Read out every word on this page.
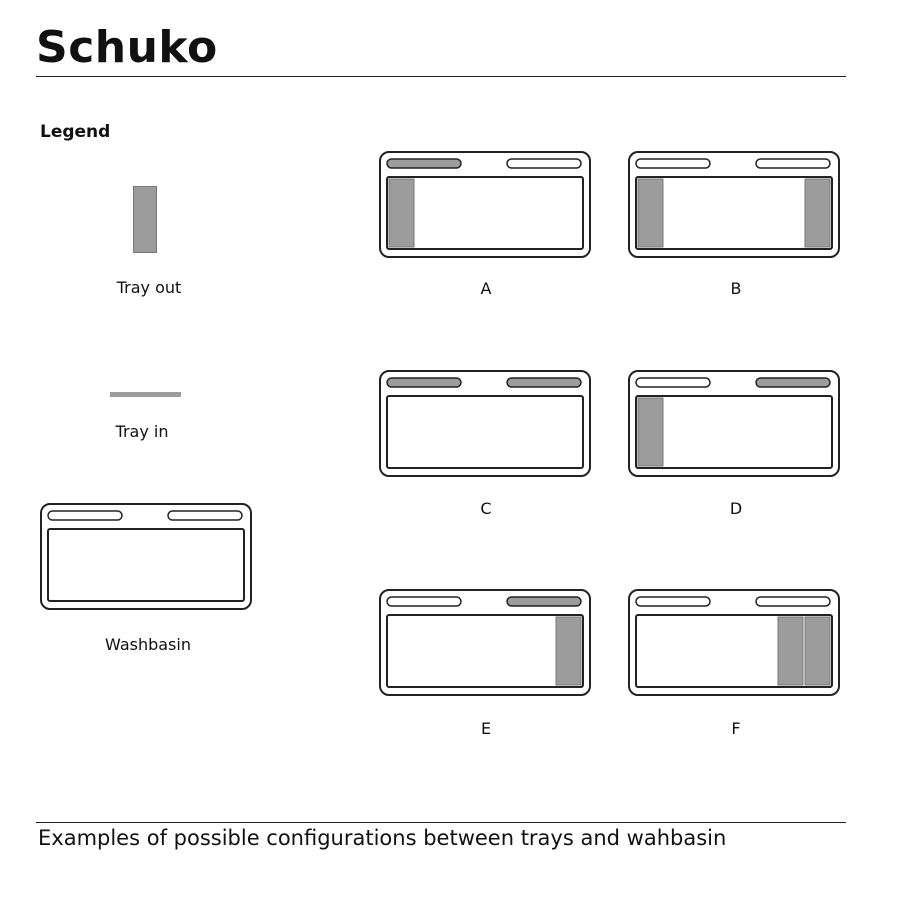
Schuko
Legend
Tray out
Tray in
Washbasin
A	B
C	D
E	F
Examples of possible configurations between trays and wahbasin
